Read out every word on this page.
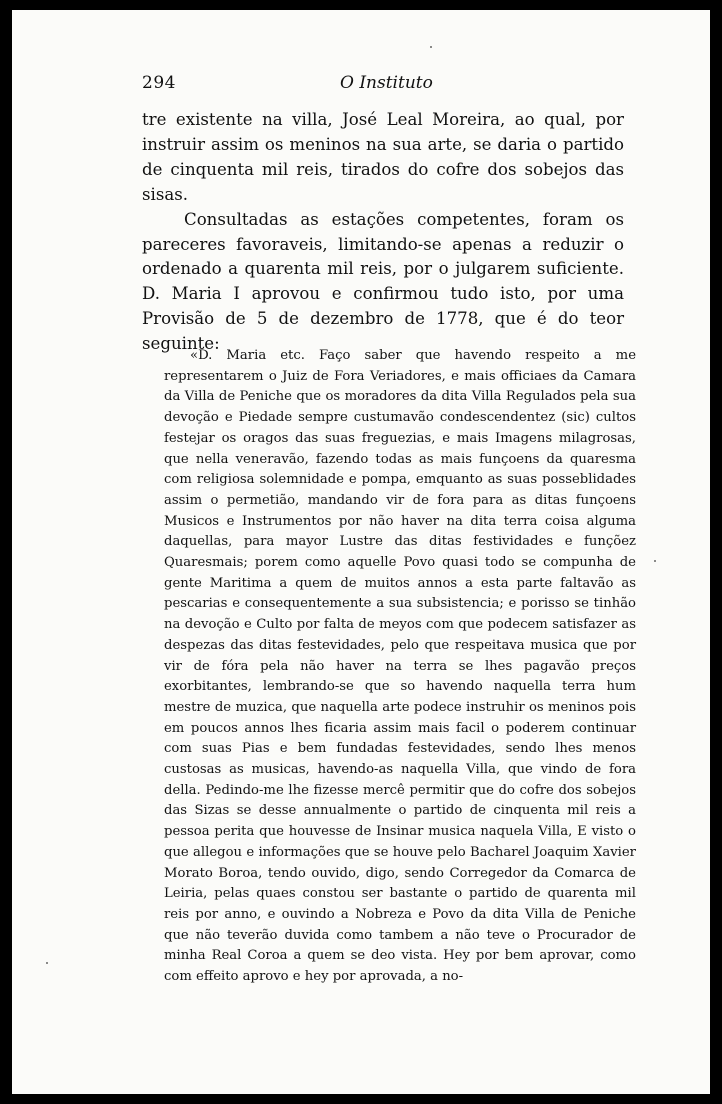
294	O Instituto

tre existente na villa, José Leal Moreira, ao qual, por instruir assim os meninos na sua arte, se daria o partido de cinquenta mil reis, tirados do cofre dos sobejos das sisas.

Consultadas as estações competentes, foram os pareceres favoraveis, limitando-se apenas a reduzir o ordenado a quarenta mil reis, por o julgarem suficiente. D. Maria I aprovou e confirmou tudo isto, por uma Provisão de 5 de dezembro de 1778, que é do teor seguinte:

«D. Maria etc. Faço saber que havendo respeito a me representarem o Juiz de Fora Veriadores, e mais officiaes da Camara da Villa de Peniche que os moradores da dita Villa Regulados pela sua devoção e Piedade sempre custumavão condescendentez (sic) cultos festejar os oragos das suas freguezias, e mais Imagens milagrosas, que nella veneravão, fazendo todas as mais funçoens da quaresma com religiosa solemnidade e pompa, emquanto as suas posseblidades assim o permetião, mandando vir de fora para as ditas funçoens Musicos e Instrumentos por não haver na dita terra coisa alguma daquellas, para mayor Lustre das ditas festividades e funçõez Quaresmais; porem como aquelle Povo quasi todo se compunha de gente Maritima a quem de muitos annos a esta parte faltavão as pescarias e consequentemente a sua subsistencia; e porisso se tinhão na devoção e Culto por falta de meyos com que podecem satisfazer as despezas das ditas festevidades, pelo que respeitava musica que por vir de fóra pela não haver na terra se lhes pagavão preços exorbitantes, lembrando-se que so havendo naquella terra hum mestre de muzica, que naquella arte podece instruhir os meninos pois em poucos annos lhes ficaria assim mais facil o poderem continuar com suas Pias e bem fundadas festevidades, sendo lhes menos custosas as musicas, havendo-as naquella Villa, que vindo de fora della. Pedindo-me lhe fizesse mercê permitir que do cofre dos sobejos das Sizas se desse annualmente o partido de cinquenta mil reis a pessoa perita que houvesse de Insinar musica naquela Villa, E visto o que allegou e informações que se houve pelo Bacharel Joaquim Xavier Morato Boroa, tendo ouvido, digo, sendo Corregedor da Comarca de Leiria, pelas quaes constou ser bastante o partido de quarenta mil reis por anno, e ouvindo a Nobreza e Povo da dita Villa de Peniche que não teverão duvida como tambem a não teve o Procurador de minha Real Coroa a quem se deo vista. Hey por bem aprovar, como com effeito aprovo e hey por aprovada, a no-
